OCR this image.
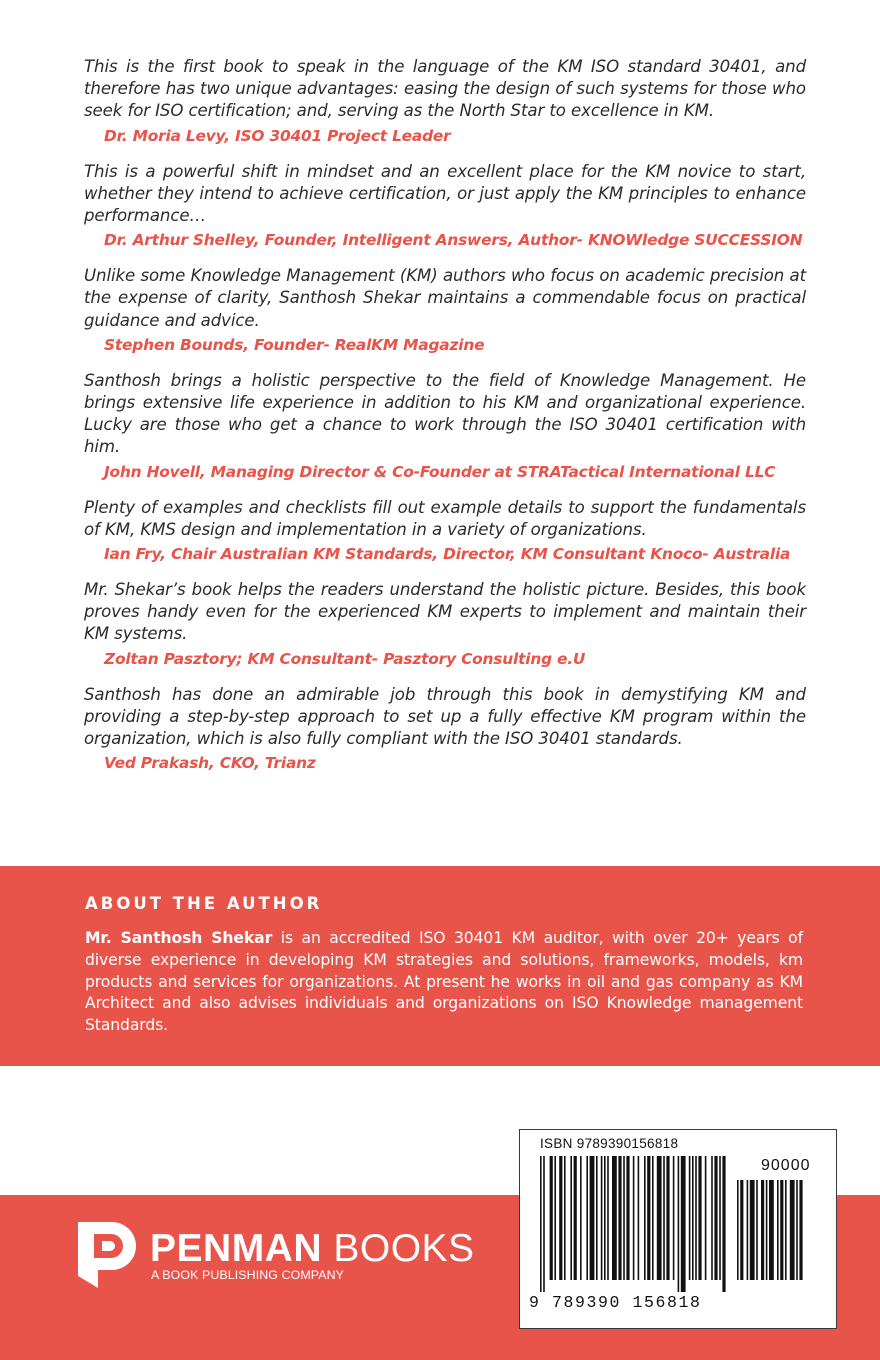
This is the first book to speak in the language of the KM ISO standard 30401, and therefore has two unique advantages: easing the design of such systems for those who seek for ISO certification; and, serving as the North Star to excellence in KM.

Dr. Moria Levy, ISO 30401 Project Leader

This is a powerful shift in mindset and an excellent place for the KM novice to start, whether they intend to achieve certification, or just apply the KM principles to enhance performance…

Dr. Arthur Shelley, Founder, Intelligent Answers, Author- KNOWledge SUCCESSION

Unlike some Knowledge Management (KM) authors who focus on academic precision at the expense of clarity, Santhosh Shekar maintains a commendable focus on practical guidance and advice.

Stephen Bounds, Founder- RealKM Magazine

Santhosh brings a holistic perspective to the field of Knowledge Management. He brings extensive life experience in addition to his KM and organizational experience. Lucky are those who get a chance to work through the ISO 30401 certification with him.

John Hovell, Managing Director & Co-Founder at STRATactical International LLC

Plenty of examples and checklists fill out example details to support the fundamentals of KM, KMS design and implementation in a variety of organizations.

Ian Fry, Chair Australian KM Standards, Director, KM Consultant Knoco- Australia

Mr. Shekar’s book helps the readers understand the holistic picture. Besides, this book proves handy even for the experienced KM experts to implement and maintain their KM systems.

Zoltan Pasztory; KM Consultant- Pasztory Consulting e.U

Santhosh has done an admirable job through this book in demystifying KM and providing a step-by-step approach to set up a fully effective KM program within the organization, which is also fully compliant with the ISO 30401 standards.

Ved Prakash, CKO, Trianz

ABOUT THE AUTHOR

Mr. Santhosh Shekar is an accredited ISO 30401 KM auditor, with over 20+ years of diverse experience in developing KM strategies and solutions, frameworks, models, km products and services for organizations. At present he works in oil and gas company as KM Architect and also advises individuals and organizations on ISO Knowledge management Standards.

PENMAN BOOKS

A BOOK PUBLISHING COMPANY

ISBN 9789390156818

90000

9 789390 156818
